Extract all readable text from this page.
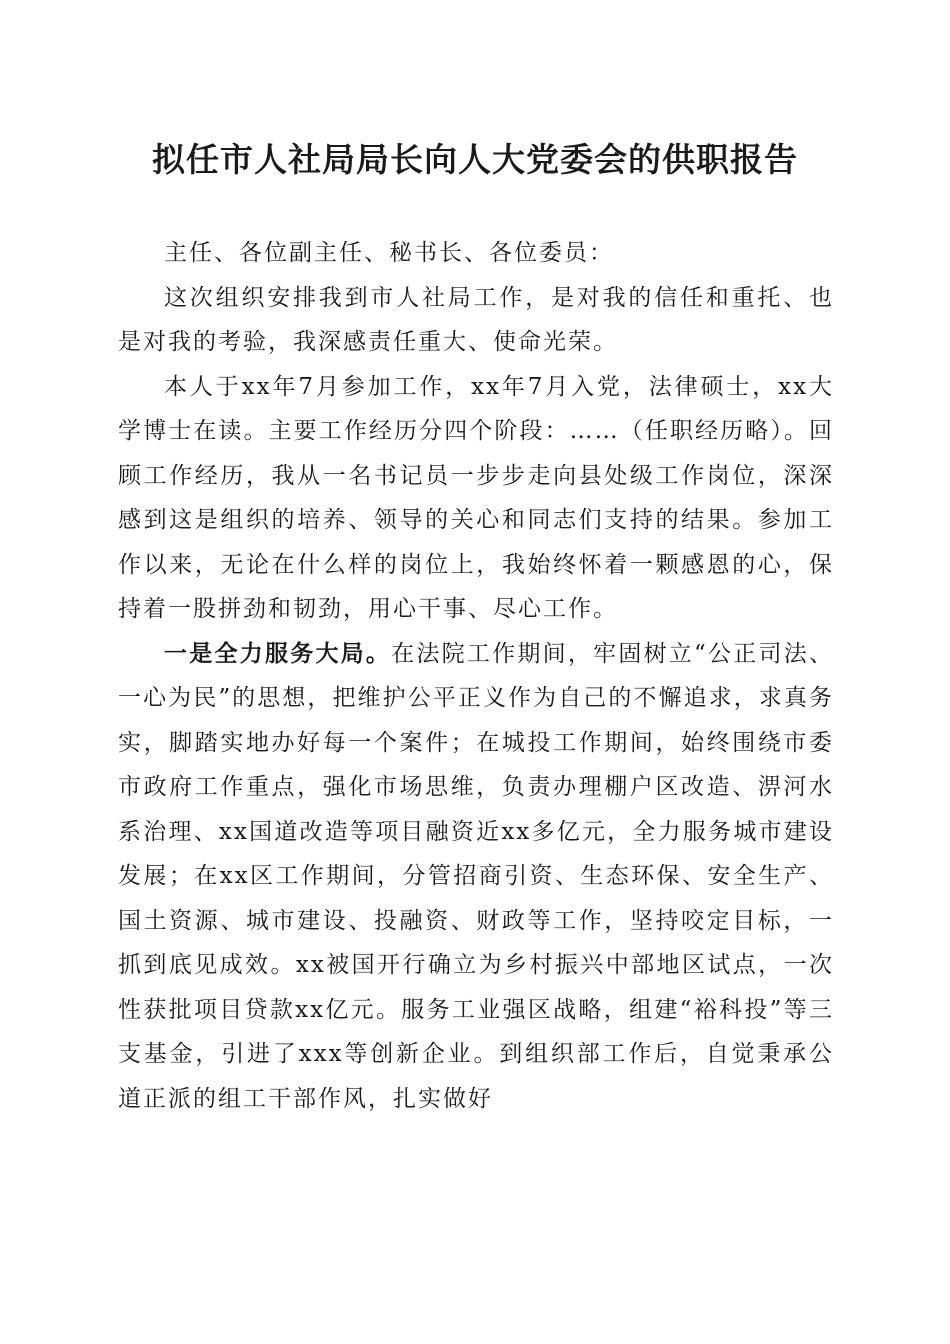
拟任市人社局局长向人大党委会的供职报告

主任、各位副主任、秘书长、各位委员：

这次组织安排我到市人社局工作，是对我的信任和重托、也是对我的考验，我深感责任重大、使命光荣。

本人于xx年7月参加工作，xx年7月入党，法律硕士，xx大学博士在读。主要工作经历分四个阶段：……（任职经历略）。回顾工作经历，我从一名书记员一步步走向县处级工作岗位，深深感到这是组织的培养、领导的关心和同志们支持的结果。参加工作以来，无论在什么样的岗位上，我始终怀着一颗感恩的心，保持着一股拼劲和韧劲，用心干事、尽心工作。

一是全力服务大局。在法院工作期间，牢固树立“公正司法、一心为民”的思想，把维护公平正义作为自己的不懈追求，求真务实，脚踏实地办好每一个案件；在城投工作期间，始终围绕市委市政府工作重点，强化市场思维，负责办理棚户区改造、淠河水系治理、xx国道改造等项目融资近xx多亿元，全力服务城市建设发展；在xx区工作期间，分管招商引资、生态环保、安全生产、国土资源、城市建设、投融资、财政等工作，坚持咬定目标，一抓到底见成效。xx被国开行确立为乡村振兴中部地区试点，一次性获批项目贷款xx亿元。服务工业强区战略，组建“裕科投”等三支基金，引进了xxx等创新企业。到组织部工作后，自觉秉承公道正派的组工干部作风，扎实做好
